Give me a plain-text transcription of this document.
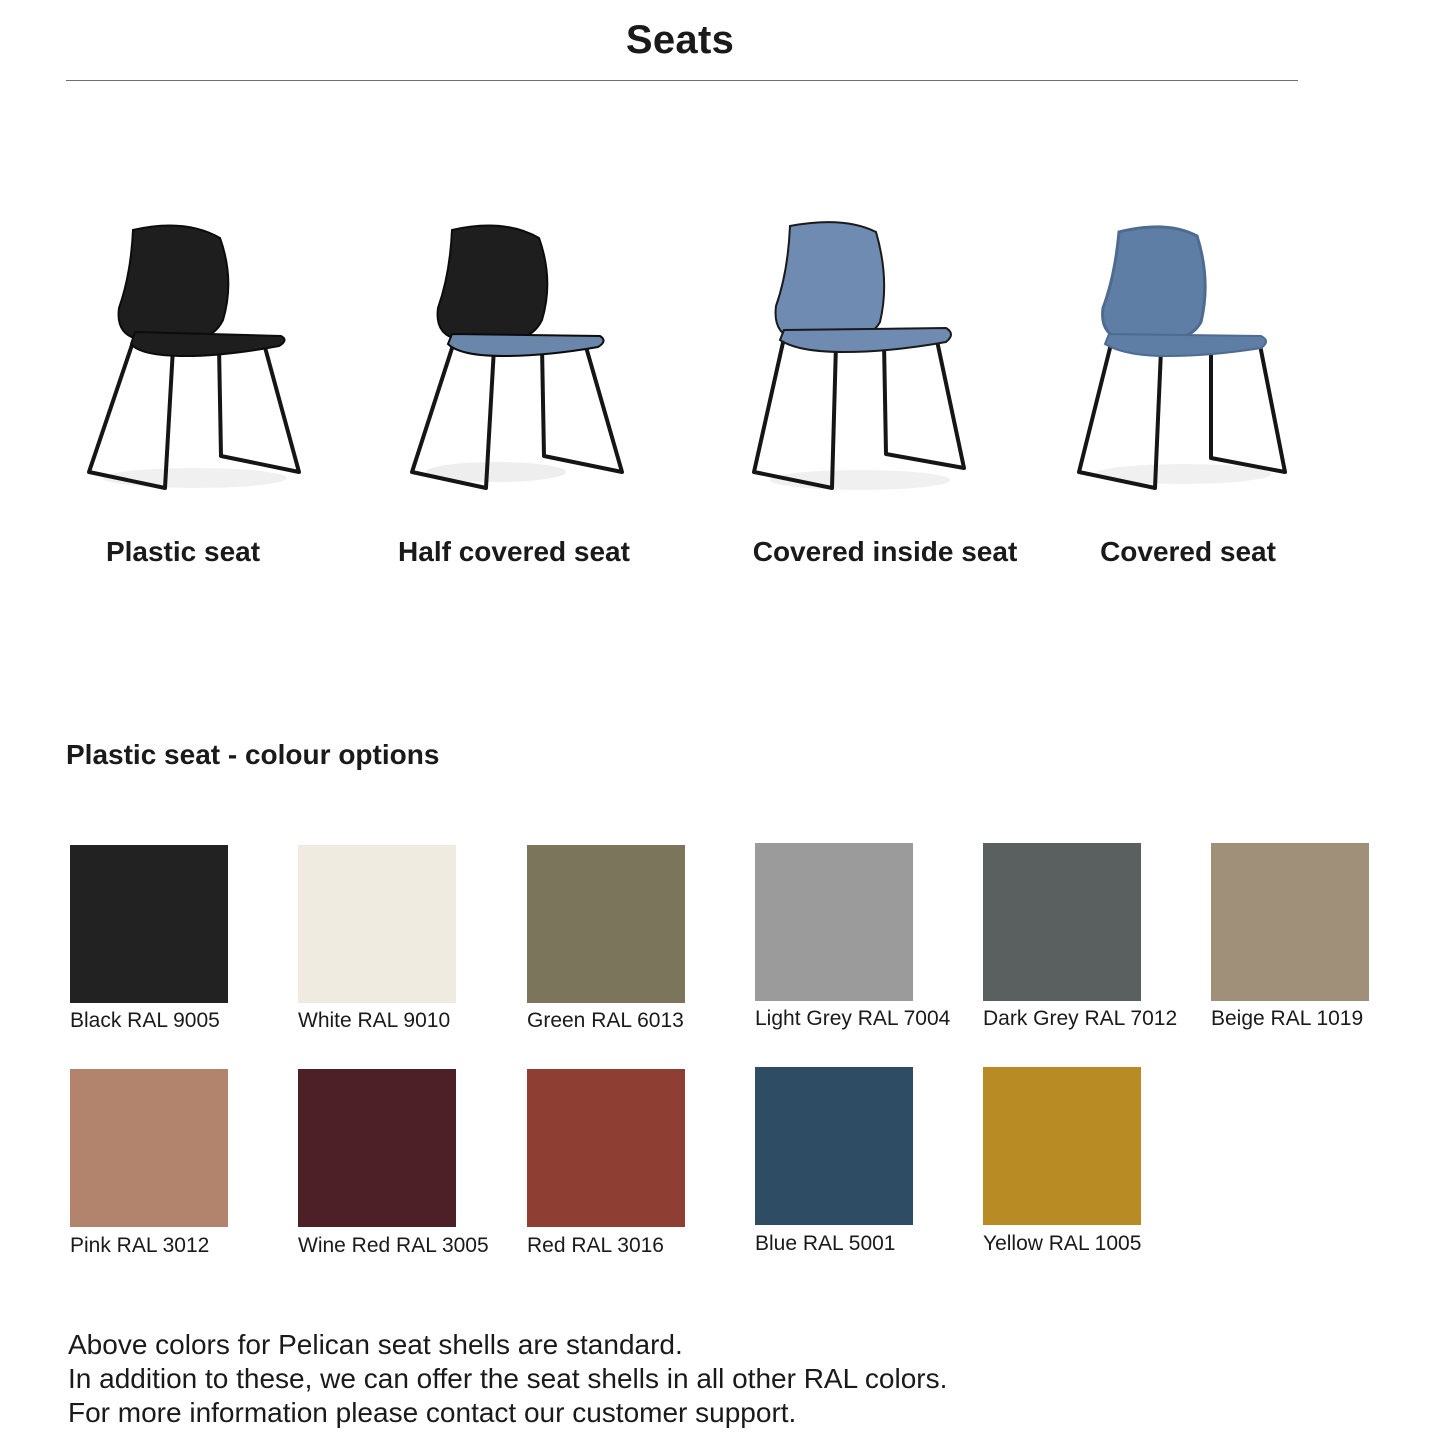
Seats
Plastic seat	Half covered seat	Covered inside seat	Covered seat
Plastic seat - colour options
Black RAL 9005	White RAL 9010	Green RAL 6013	Light Grey RAL 7004 Dark Grey RAL 7012 Beige RAL 1019
Pink RAL 3012	Wine Red RAL 3005 Red RAL 3016	Blue RAL 5001	Yellow RAL 1005
Above colors for Pelican seat shells are standard.
In addition to these, we can offer the seat shells in all other RAL colors.
For more information please contact our customer support.
